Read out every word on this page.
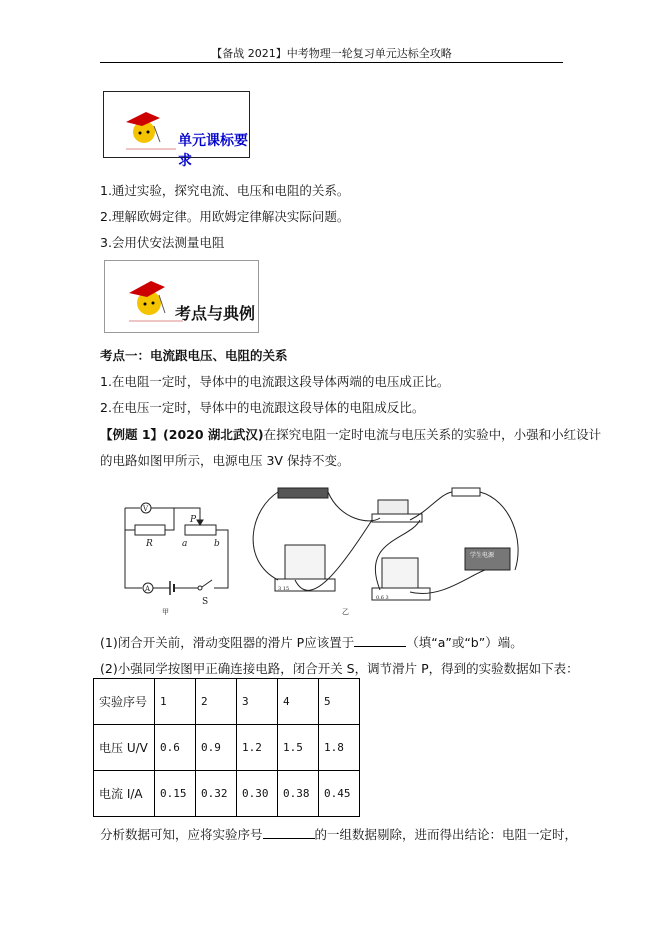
【备战 2021】中考物理一轮复习单元达标全攻略
单元课标要求
1.通过实验，探究电流、电压和电阻的关系。
2.理解欧姆定律。用欧姆定律解决实际问题。
3.会用伏安法测量电阻
考点与典例
考点一：电流跟电压、电阻的关系
1.在电阻一定时，导体中的电流跟这段导体两端的电压成正比。
2.在电压一定时，导体中的电流跟这段导体的电阻成反比。
【例题 1】(2020 湖北武汉)在探究电阻一定时电流与电压关系的实验中，小强和小红设计
的电路如图甲所示，电源电压 3V 保持不变。
A
V
R
P
a	b
S
甲
学生电源
3 15
0.6 3
乙
(1)闭合开关前，滑动变阻器的滑片 P应该置于	（填“a”或“b”）端。
(2)小强同学按图甲正确连接电路，闭合开关 S，调节滑片 P，得到的实验数据如下表：
实验序号	1	2	3	4	5
电压 U/V	0.6	0.9	1.2	1.5	1.8
电流 I/A	0.15	0.32	0.30	0.38	0.45
分析数据可知，应将实验序号	的一组数据剔除，进而得出结论：电阻一定时，
